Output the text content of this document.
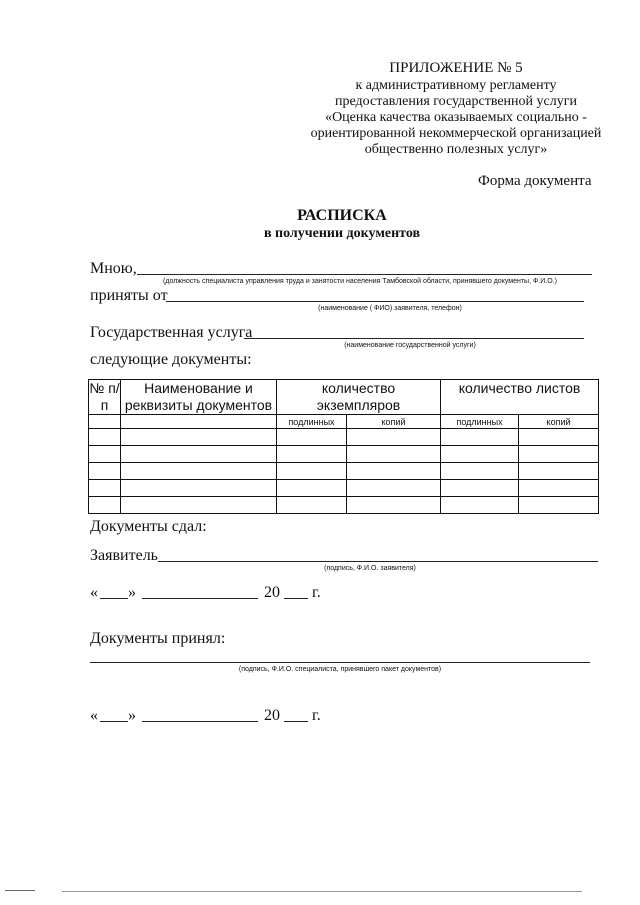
ПРИЛОЖЕНИЕ № 5
к административному регламенту
предоставления государственной услуги
«Оценка качества оказываемых социально -
ориентированной некоммерческой организацией
общественно полезных услуг»
Форма документа
РАСПИСКА
в получении документов
Мною,
(должность специалиста управления труда и занятости населения Тамбовской области, принявшего документы, Ф.И.О.)
приняты от
(наименование ( ФИО) заявителя, телефон)
Государственная услуга
(наименование государственной услуги)
следующие документы:
№ п/п	Наименование и реквизиты документов	количество экземпляров		количество листов	
		подлинных	копий	подлинных	копий

Документы сдал:
Заявитель
(подпись, Ф.И.О. заявителя)
« »	20 г.
Документы принял:
(подпись, Ф.И.О. специалиста, принявшего пакет документов)
« »	20 г.
